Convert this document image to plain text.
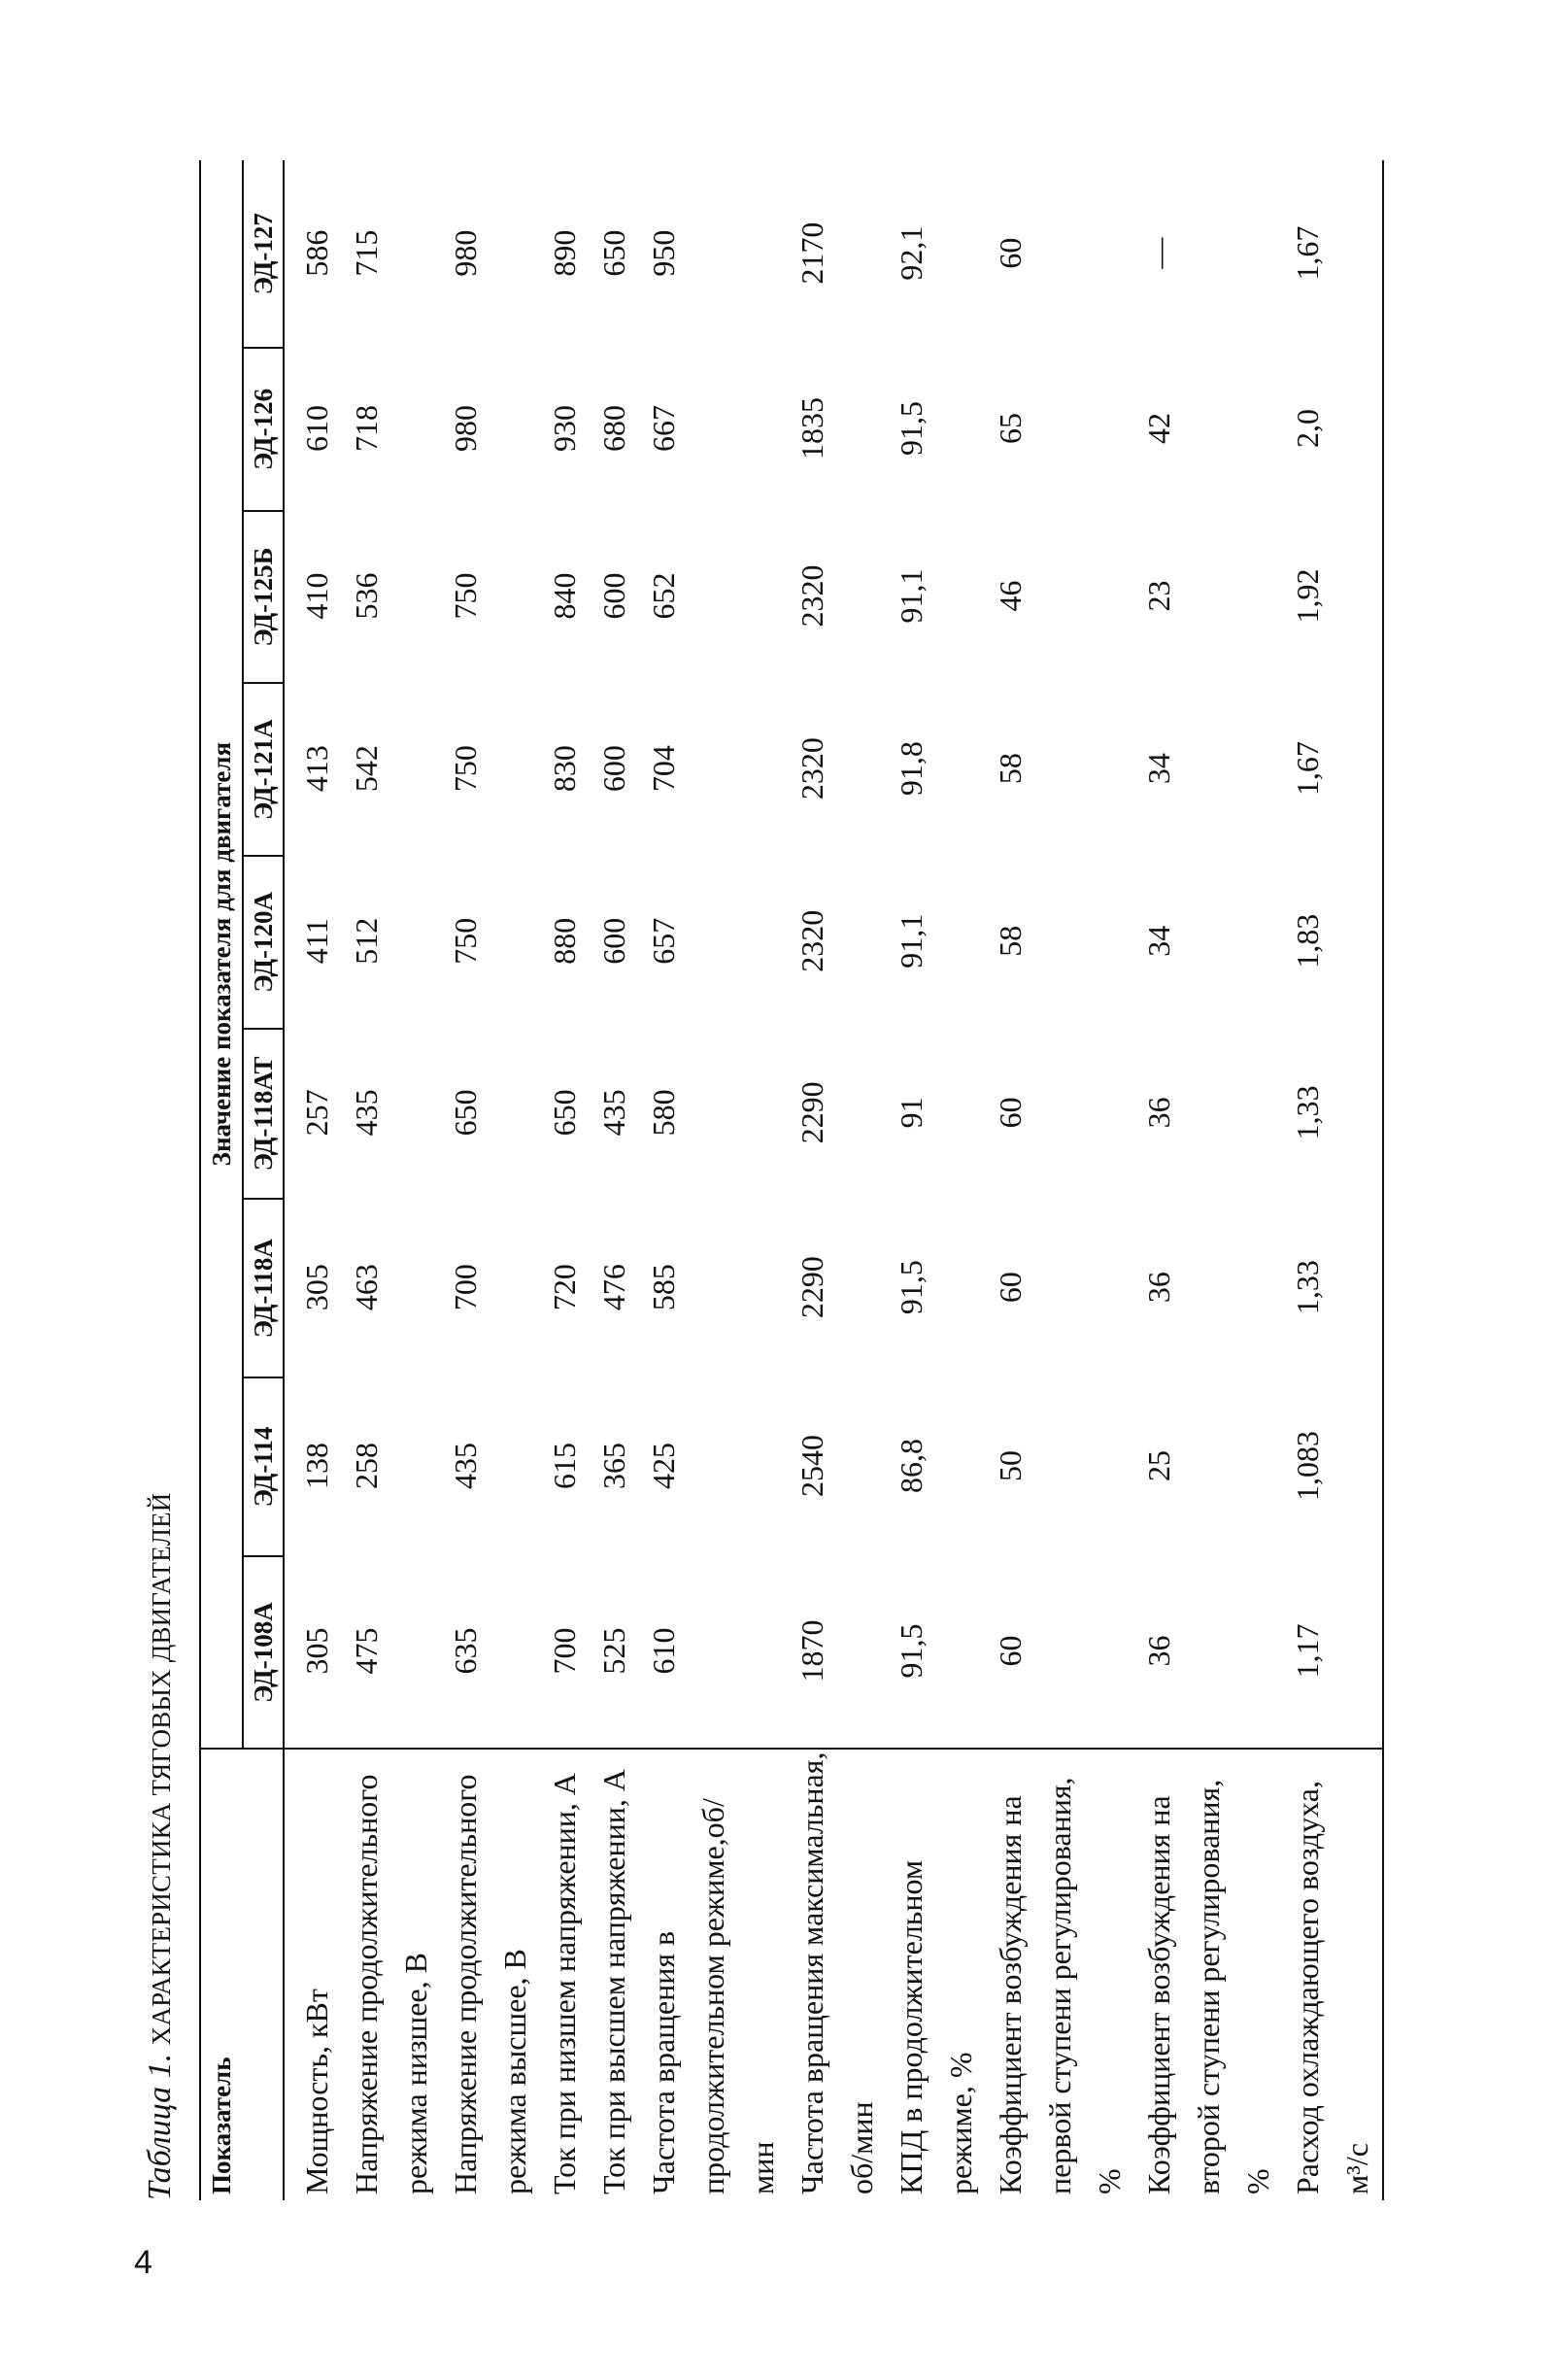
4
Таблица 1. ХАРАКТЕРИСТИКА ТЯГОВЫХ ДВИГАТЕЛЕЙ
Показатель	Значение показателя для двигателя								
	ЭД-108А	ЭД-114	ЭД-118А	ЭД-118АТ	ЭД-120А	ЭД-121А	ЭД-125Б	ЭД-126	ЭД-127
Мощность, кВт	305	138	305	257	411	413	410	610	586
Напряжение продолжительного режима низшее, В	475	258	463	435	512	542	536	718	715
Напряжение продолжительного режима высшее, В	635	435	700	650	750	750	750	980	980
Ток при низшем напряжении, А	700	615	720	650	880	830	840	930	890
Ток при высшем напряжении, А	525	365	476	435	600	600	600	680	650
Частота вращения в продолжительном режиме,об/мин	610	425	585	580	657	704	652	667	950
Частота вращения максимальная, об/мин	1870	2540	2290	2290	2320	2320	2320	1835	2170
КПД в продолжительном режиме, %	91,5	86,8	91,5	91	91,1	91,8	91,1	91,5	92,1
Коэффициент возбуждения на первой ступени регулирования, %	60	50	60	60	58	58	46	65	60
Коэффициент возбуждения на второй ступени регулирования, %	36	25	36	36	34	34	23	42	—
Расход охлаждающего воздуха, м³/с	1,17	1,083	1,33	1,33	1,83	1,67	1,92	2,0	1,67
